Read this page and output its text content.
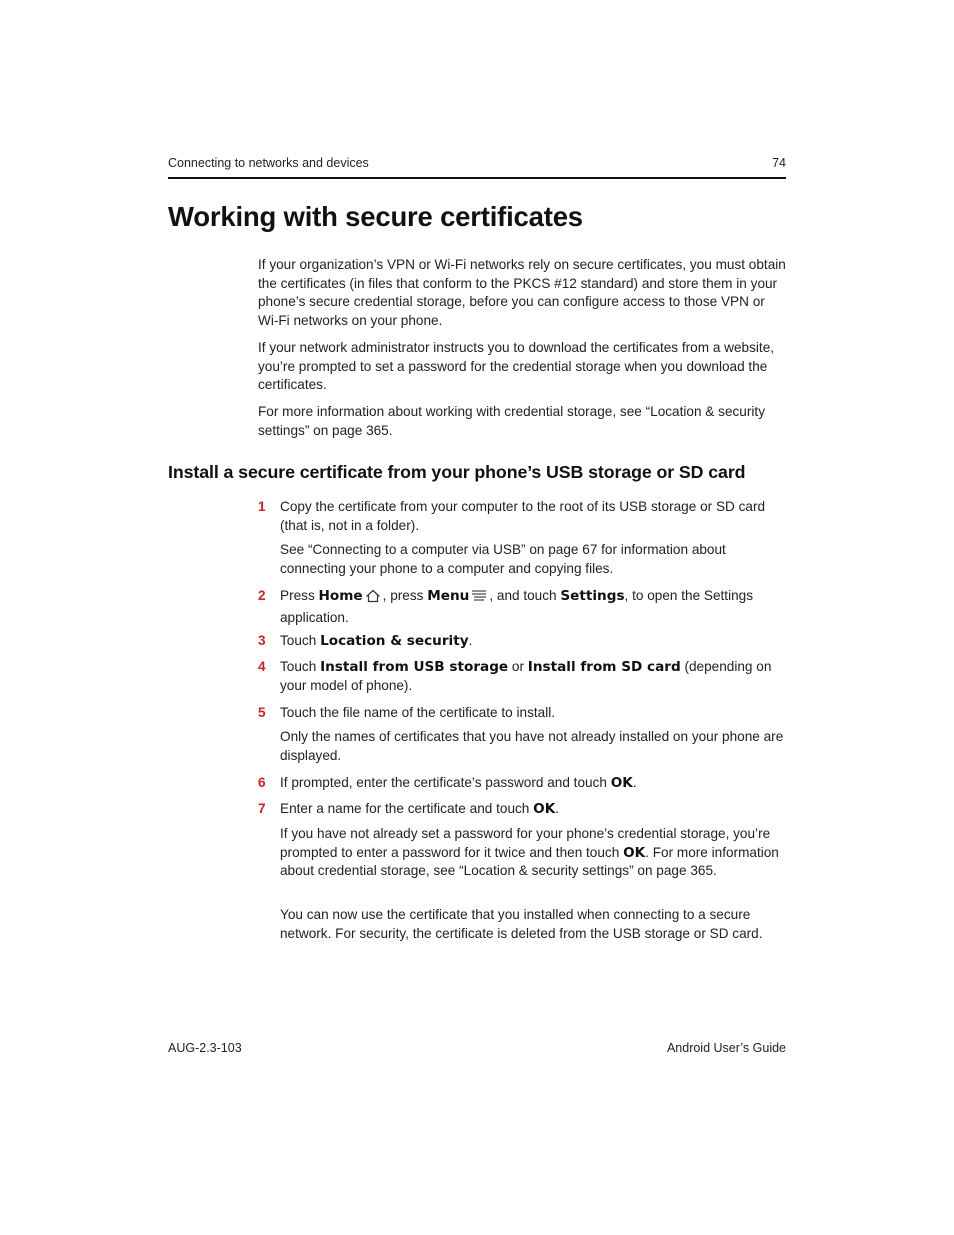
Connecting to networks and devices	74
Working with secure certificates

If your organization’s VPN or Wi-Fi networks rely on secure certificates, you must obtain the certificates (in files that conform to the PKCS #12 standard) and store them in your phone’s secure credential storage, before you can configure access to those VPN or Wi-Fi networks on your phone.

If your network administrator instructs you to download the certificates from a website, you’re prompted to set a password for the credential storage when you download the certificates.

For more information about working with credential storage, see “Location & security settings” on page 365.

Install a secure certificate from your phone’s USB storage or SD card
1	Copy the certificate from your computer to the root of its USB storage or SD card (that is, not in a folder).

See “Connecting to a computer via USB” on page 67 for information about connecting your phone to a computer and copying files.

2	Press Home , press Menu , and touch Settings, to open the Settings application.
3	Touch Location & security.
4	Touch Install from USB storage or Install from SD card (depending on your model of phone).
5	Touch the file name of the certificate to install.

Only the names of certificates that you have not already installed on your phone are displayed.

6	If prompted, enter the certificate’s password and touch OK.
7	Enter a name for the certificate and touch OK.

If you have not already set a password for your phone’s credential storage, you’re prompted to enter a password for it twice and then touch OK. For more information about credential storage, see “Location & security settings” on page 365.

You can now use the certificate that you installed when connecting to a secure network. For security, the certificate is deleted from the USB storage or SD card.

AUG-2.3-103	Android User’s Guide
